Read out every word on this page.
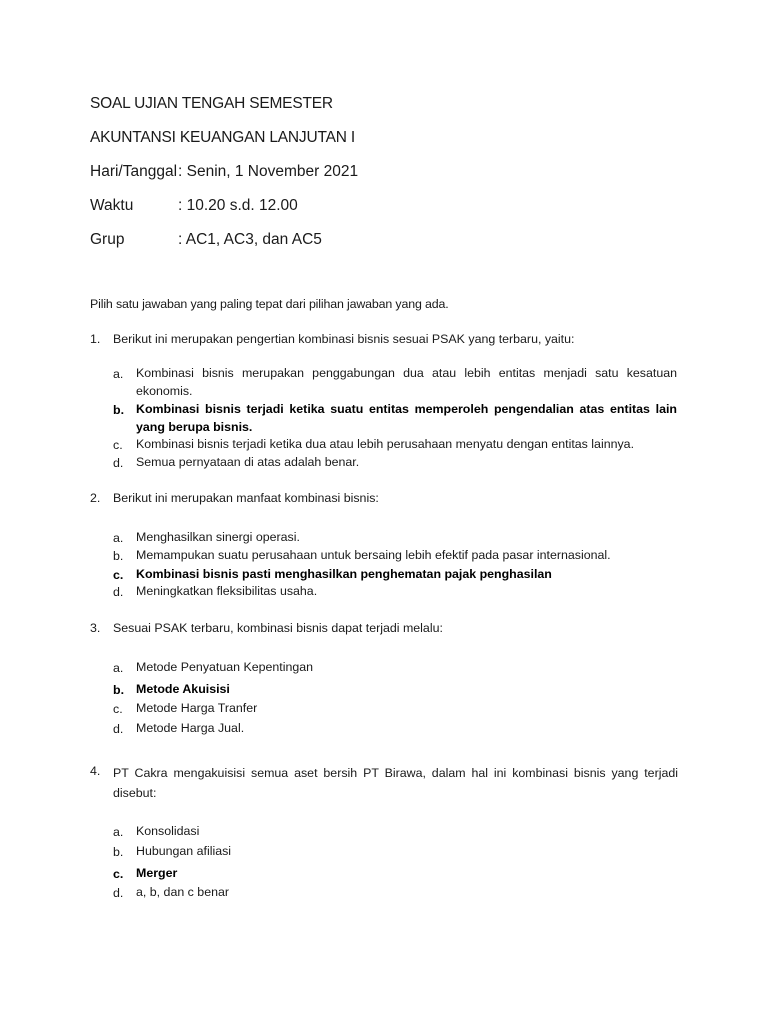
SOAL UJIAN TENGAH SEMESTER
AKUNTANSI KEUANGAN LANJUTAN I
Hari/Tanggal : Senin, 1 November 2021
Waktu	: 10.20 s.d. 12.00
Grup	: AC1, AC3, dan AC5
Pilih satu jawaban yang paling tepat dari pilihan jawaban yang ada.
1. Berikut ini merupakan pengertian kombinasi bisnis sesuai PSAK yang terbaru, yaitu:
a.	Kombinasi bisnis merupakan penggabungan dua atau lebih entitas menjadi satu kesatuan ekonomis.
b. Kombinasi bisnis terjadi ketika suatu entitas memperoleh pengendalian atas entitas lain yang berupa bisnis.
c.	Kombinasi bisnis terjadi ketika dua atau lebih perusahaan menyatu dengan entitas lainnya.
d.	Semua pernyataan di atas adalah benar.
2. Berikut ini merupakan manfaat kombinasi bisnis:
a.	Menghasilkan sinergi operasi.
b.	Memampukan suatu perusahaan untuk bersaing lebih efektif pada pasar internasional.
c.	Kombinasi bisnis pasti menghasilkan penghematan pajak penghasilan
d.	Meningkatkan fleksibilitas usaha.
3. Sesuai PSAK terbaru, kombinasi bisnis dapat terjadi melalu:
a.	Metode Penyatuan Kepentingan
b. Metode Akuisisi
c.	Metode Harga Tranfer
d.	Metode Harga Jual.
4. PT Cakra mengakuisisi semua aset bersih PT Birawa, dalam hal ini kombinasi bisnis yang terjadi disebut:
a.	Konsolidasi
b.	Hubungan afiliasi
c.	Merger
d.	a, b, dan c benar
